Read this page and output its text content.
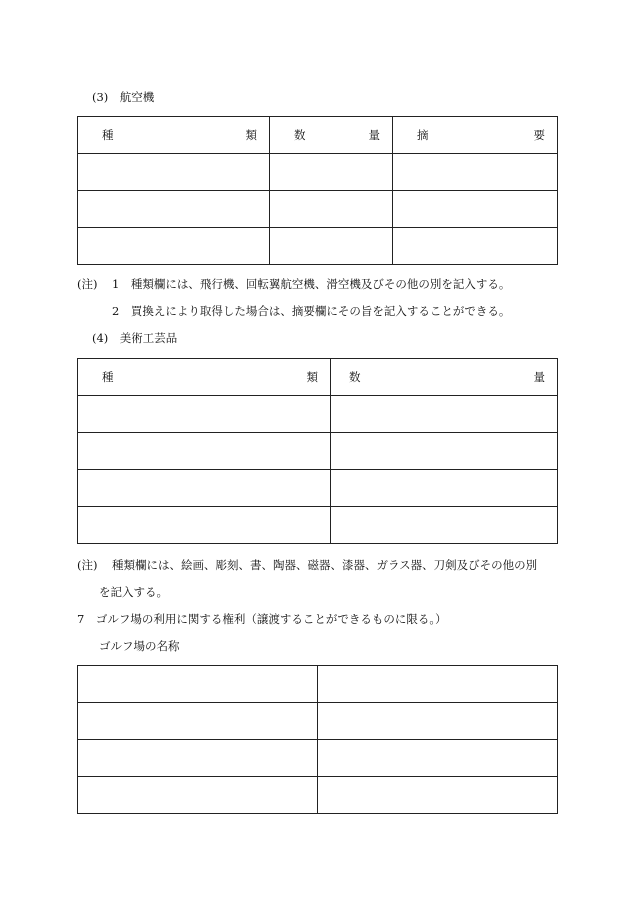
(3)　航空機
種 類	数 量	摘 要

(注) 1　種類欄には、飛行機、回転翼航空機、滑空機及びその他の別を記入する。
2　買換えにより取得した場合は、摘要欄にその旨を記入することができる。
(4)　美術工芸品
種 類	数 量

(注) 種類欄には、絵画、彫刻、書、陶器、磁器、漆器、ガラス器、刀剣及びその他の別
を記入する。
7　ゴルフ場の利用に関する権利（譲渡することができるものに限る。）
ゴルフ場の名称
